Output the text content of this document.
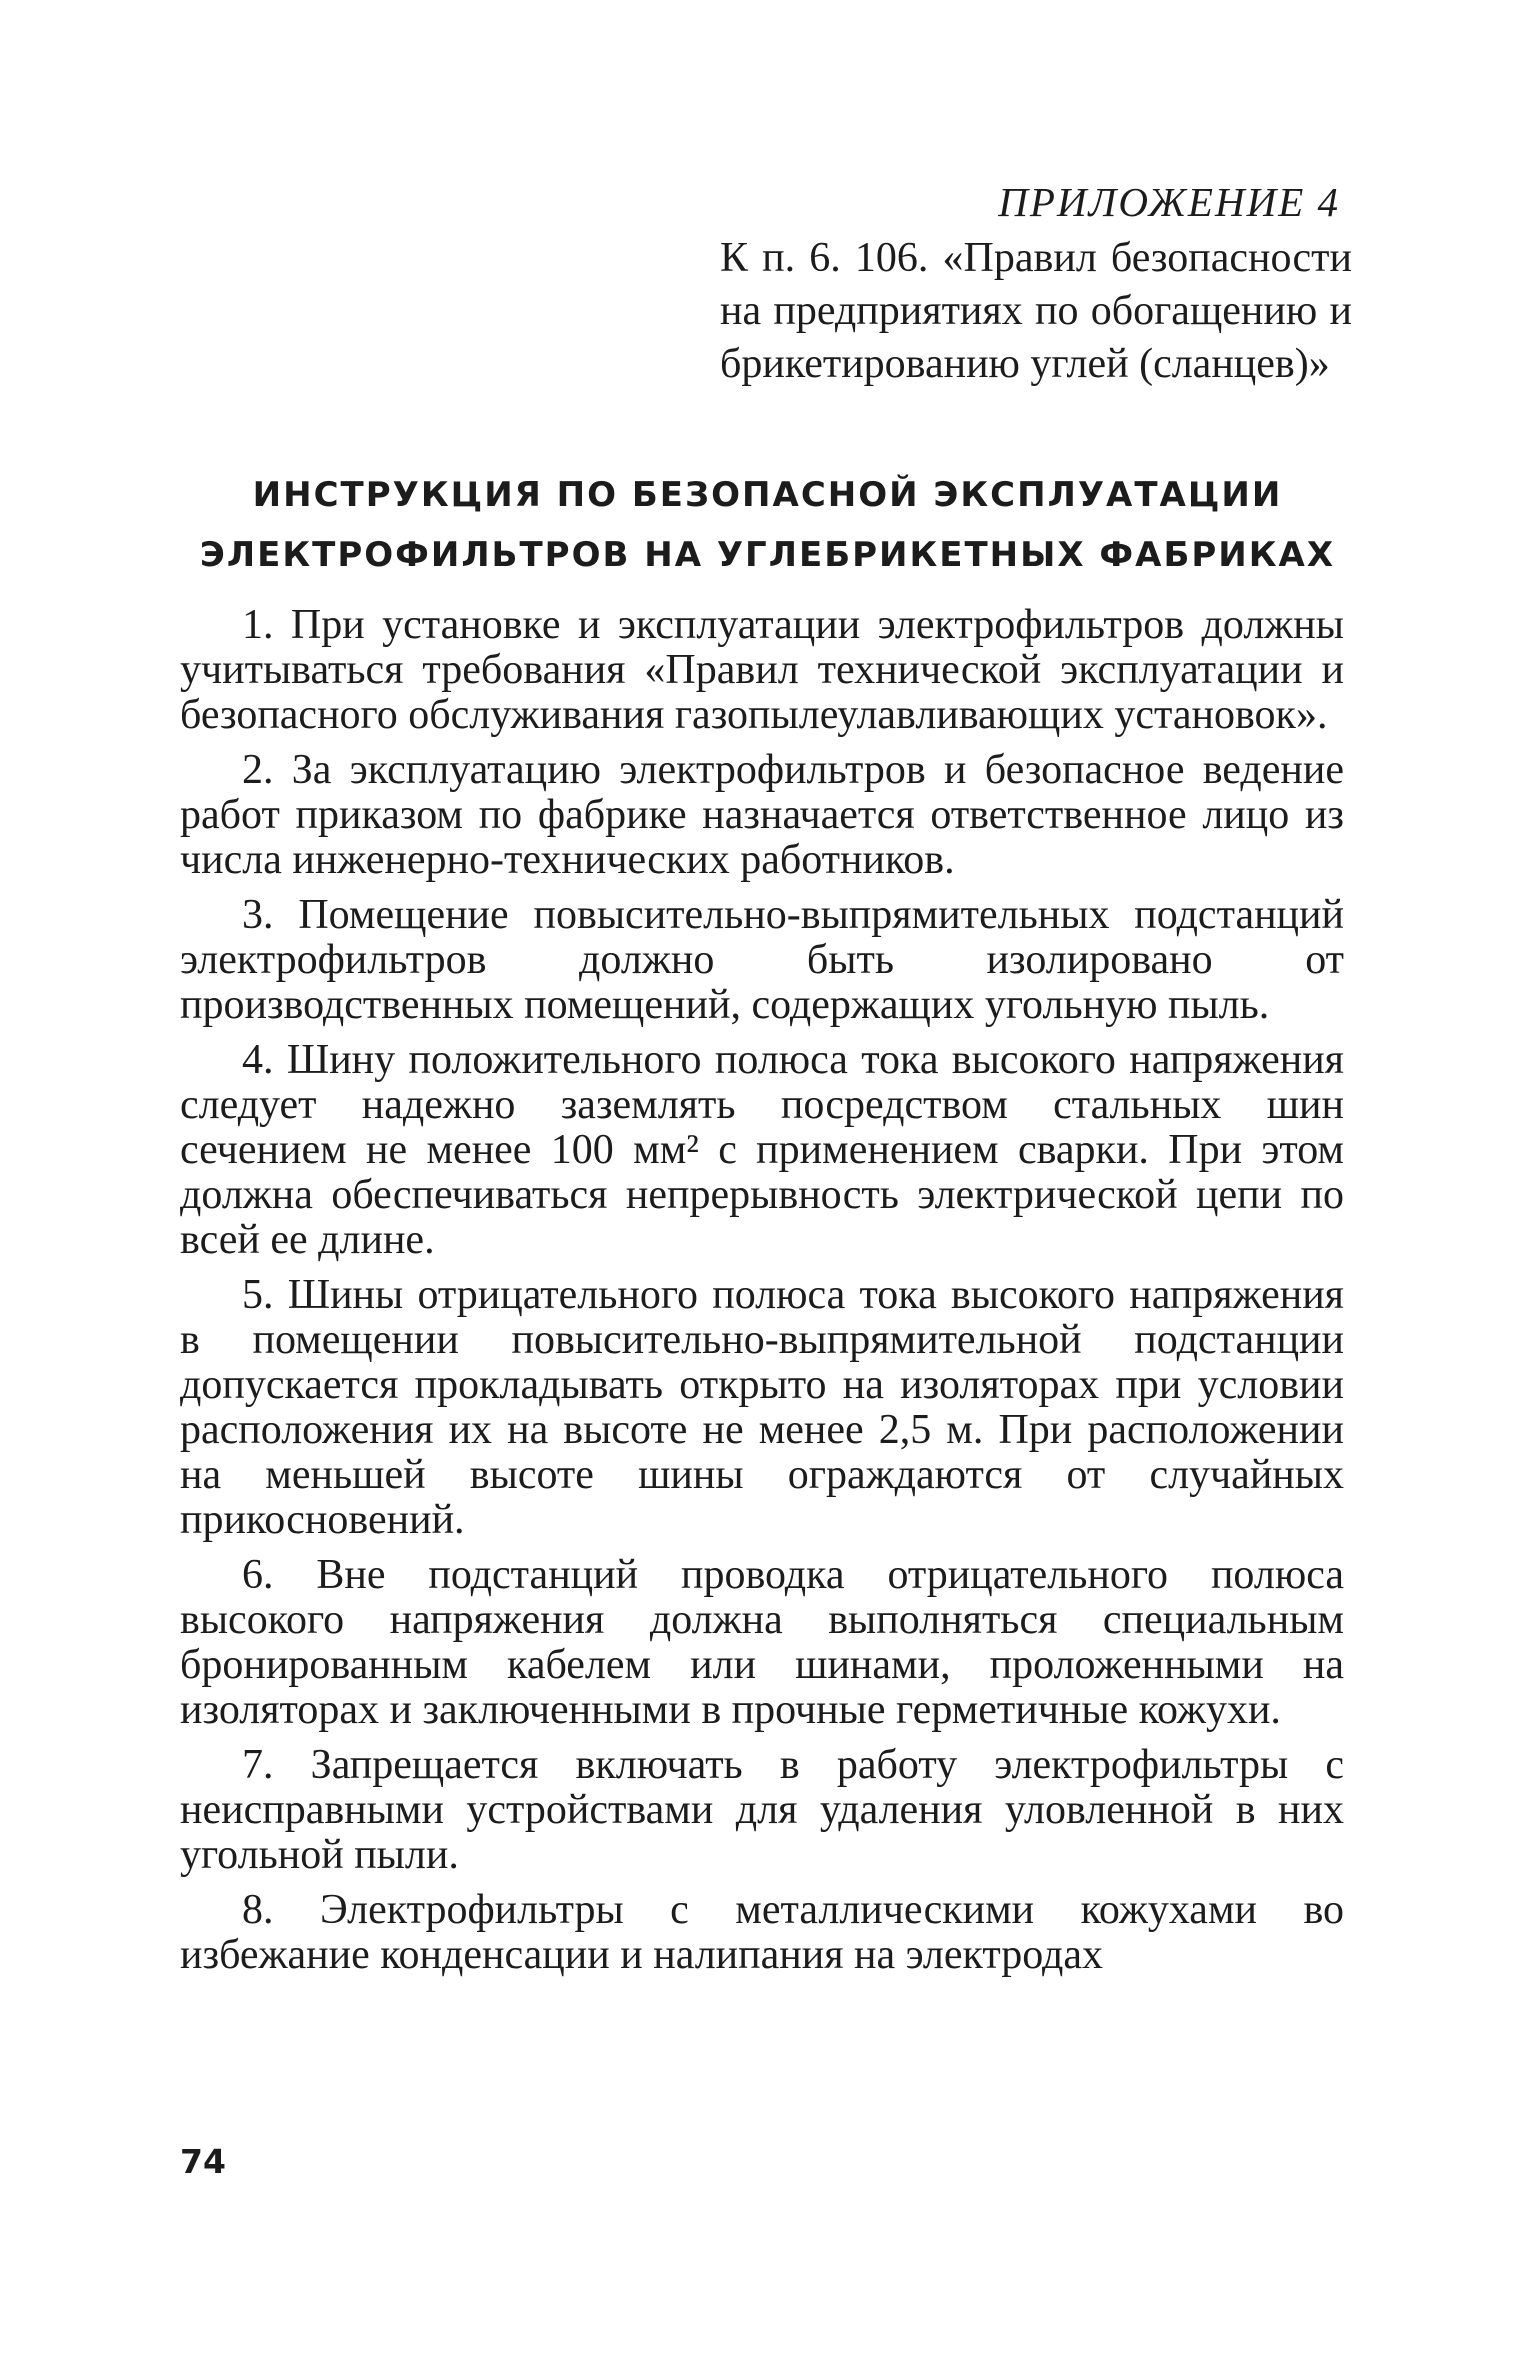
ПРИЛОЖЕНИЕ 4
К п. 6. 106. «Правил безопасности на предприятиях по обогащению и брикетированию углей (сланцев)»
ИНСТРУКЦИЯ ПО БЕЗОПАСНОЙ ЭКСПЛУАТАЦИИ
ЭЛЕКТРОФИЛЬТРОВ НА УГЛЕБРИКЕТНЫХ ФАБРИКАХ

1. При установке и эксплуатации электрофильтров должны учитываться требования «Правил технической эксплуатации и безопасного обслуживания газопылеулавливающих установок».

2. За эксплуатацию электрофильтров и безопасное ведение работ приказом по фабрике назначается ответственное лицо из числа инженерно-технических работников.

3. Помещение повысительно-выпрямительных подстанций электрофильтров должно быть изолировано от производственных помещений, содержащих угольную пыль.

4. Шину положительного полюса тока высокого напряжения следует надежно заземлять посредством стальных шин сечением не менее 100 мм² с применением сварки. При этом должна обеспечиваться непрерывность электрической цепи по всей ее длине.

5. Шины отрицательного полюса тока высокого напряжения в помещении повысительно-выпрямительной подстанции допускается прокладывать открыто на изоляторах при условии расположения их на высоте не менее 2,5 м. При расположении на меньшей высоте шины ограждаются от случайных прикосновений.

6. Вне подстанций проводка отрицательного полюса высокого напряжения должна выполняться специальным бронированным кабелем или шинами, проложенными на изоляторах и заключенными в прочные герметичные кожухи.

7. Запрещается включать в работу электрофильтры с неисправными устройствами для удаления уловленной в них угольной пыли.

8. Электрофильтры с металлическими кожухами во избежание конденсации и налипания на электродах

74
